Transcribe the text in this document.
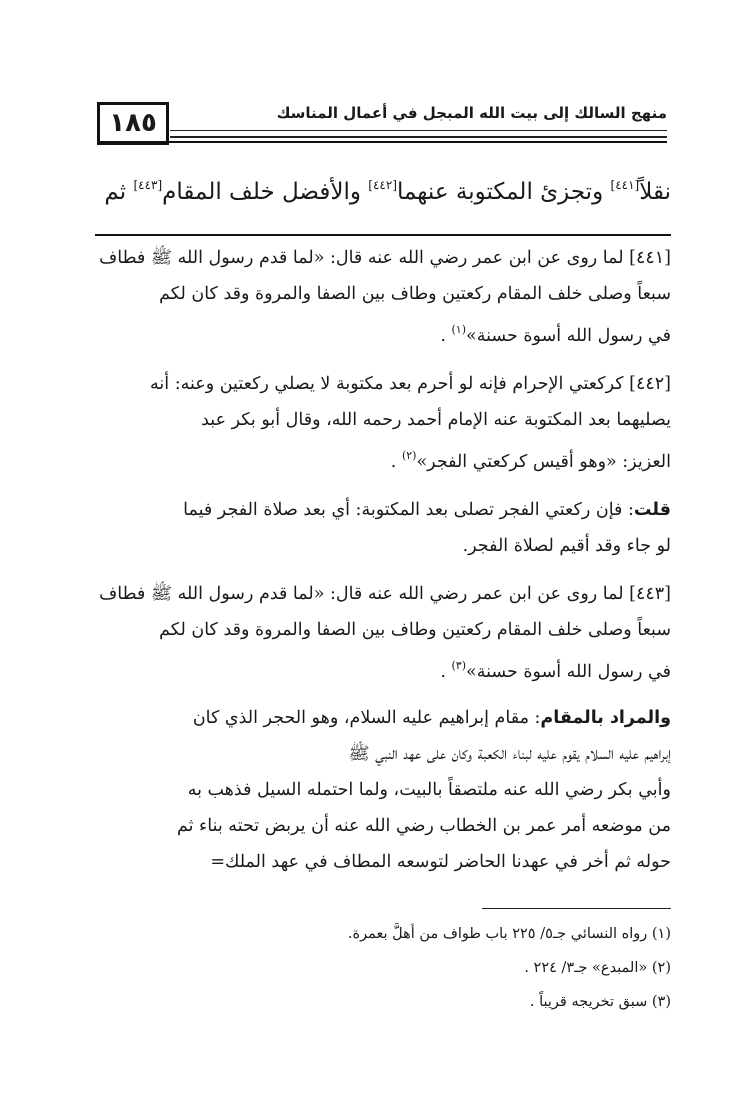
منهج السالك إلى بيت الله المبجل في أعمال المناسك
١٨٥
نقلاً[٤٤١] وتجزئ المكتوبة عنهما[٤٤٢] والأفضل خلف المقام[٤٤٣] ثم
[٤٤١] لما روى عن ابن عمر رضي الله عنه قال: «لما قدم رسول الله ﷺ فطاف
سبعاً وصلى خلف المقام ركعتين وطاف بين الصفا والمروة وقد كان لكم
في رسول الله أسوة حسنة»$^{(١)}$ .
[٤٤٢] كركعتي الإحرام فإنه لو أحرم بعد مكتوبة لا يصلي ركعتين وعنه: أنه
يصليهما بعد المكتوبة عنه الإمام أحمد رحمه الله، وقال أبو بكر عبد
العزيز: «وهو أقيس كركعتي الفجر»$^{(٢)}$ .
قلت: فإن ركعتي الفجر تصلى بعد المكتوبة: أي بعد صلاة الفجر فيما
لو جاء وقد أقيم لصلاة الفجر.
[٤٤٣] لما روى عن ابن عمر رضي الله عنه قال: «لما قدم رسول الله ﷺ فطاف
سبعاً وصلى خلف المقام ركعتين وطاف بين الصفا والمروة وقد كان لكم
في رسول الله أسوة حسنة»$^{(٣)}$ .
والمراد بالمقام: مقام إبراهيم عليه السلام، وهو الحجر الذي كان
إبراهيم عليه السلام يقوم عليه لبناء الكعبة وكان على عهد النبي ﷺ
وأبي بكر رضي الله عنه ملتصقاً بالبيت، ولما احتمله السيل فذهب به
من موضعه أمر عمر بن الخطاب رضي الله عنه أن يربض تحته بناء ثم
حوله ثم أخر في عهدنا الحاضر لتوسعه المطاف في عهد الملك=
(١) رواه النسائي جـ٥/ ٢٢٥ باب طواف من أهلَّ بعمرة.
(٢) «المبدع» جـ٣/ ٢٢٤ .
(٣) سبق تخريجه قريباً .
